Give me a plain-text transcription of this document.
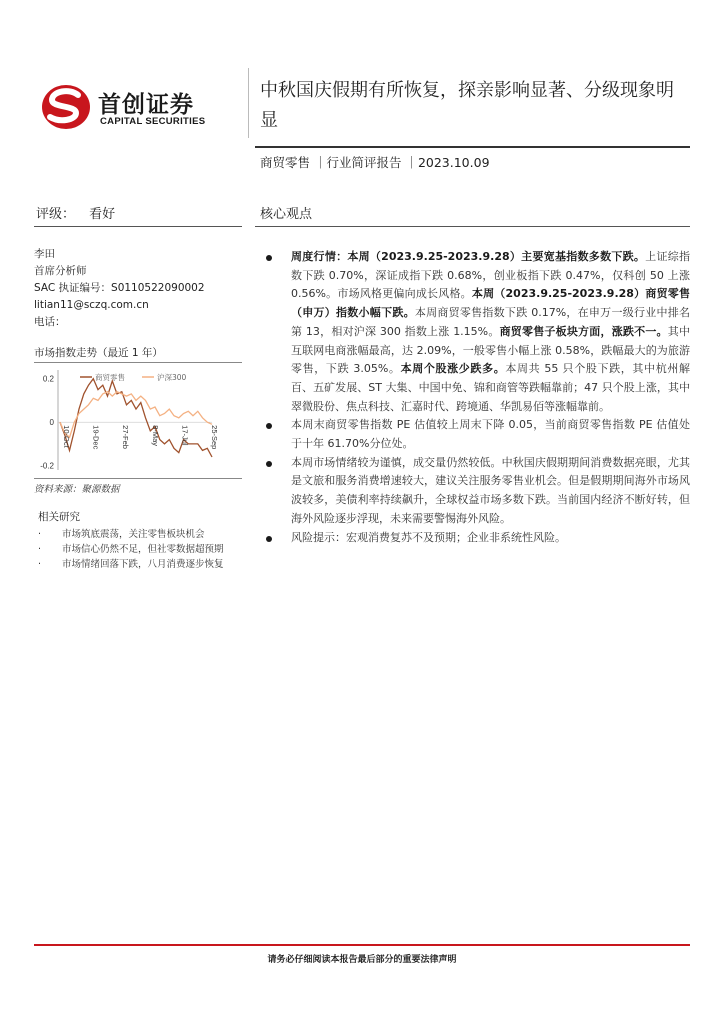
首创证券
CAPITAL SECURITIES
中秋国庆假期有所恢复，探亲影响显著、分级现象明显
商贸零售 ｜行业简评报告 ｜2023.10.09
评级： 看好	核心观点
李田
首席分析师
SAC 执证编号：S0110522090002
litian11@sczq.com.cn
电话：
市场指数走势（最近 1 年）
0.2
0
-0.2
10-Oct	19-Dec	27-Feb	8-May	17-Jul	25-Sep
商贸零售	沪深300
资料来源：聚源数据
相关研究
· 市场筑底震荡，关注零售板块机会
· 市场信心仍然不足，但社零数据超预期
· 市场情绪回落下跌，八月消费逐步恢复
周度行情：本周（2023.9.25-2023.9.28）主要宽基指数多数下跌。上证综指数下跌 0.70%，深证成指下跌 0.68%，创业板指下跌 0.47%，仅科创 50 上涨 0.56%。市场风格更偏向成长风格。本周（2023.9.25-2023.9.28）商贸零售（申万）指数小幅下跌。本周商贸零售指数下跌 0.17%，在申万一级行业中排名第 13，相对沪深 300 指数上涨 1.15%。商贸零售子板块方面，涨跌不一。其中互联网电商涨幅最高，达 2.09%，一般零售小幅上涨 0.58%，跌幅最大的为旅游零售，下跌 3.05%。本周个股涨少跌多。本周共 55 只个股下跌，其中杭州解百、五矿发展、ST 大集、中国中免、锦和商管等跌幅靠前；47 只个股上涨，其中翠微股份、焦点科技、汇嘉时代、跨境通、华凯易佰等涨幅靠前。
本周末商贸零售指数 PE 估值较上周末下降 0.05，当前商贸零售指数 PE 估值处于十年 61.70%分位处。
本周市场情绪较为谨慎，成交量仍然较低。中秋国庆假期期间消费数据亮眼，尤其是文旅和服务消费增速较大，建议关注服务零售业机会。但是假期期间海外市场风波较多，美债利率持续飙升，全球权益市场多数下跌。当前国内经济不断好转，但海外风险逐步浮现，未来需要警惕海外风险。
风险提示：宏观消费复苏不及预期；企业非系统性风险。
请务必仔细阅读本报告最后部分的重要法律声明
